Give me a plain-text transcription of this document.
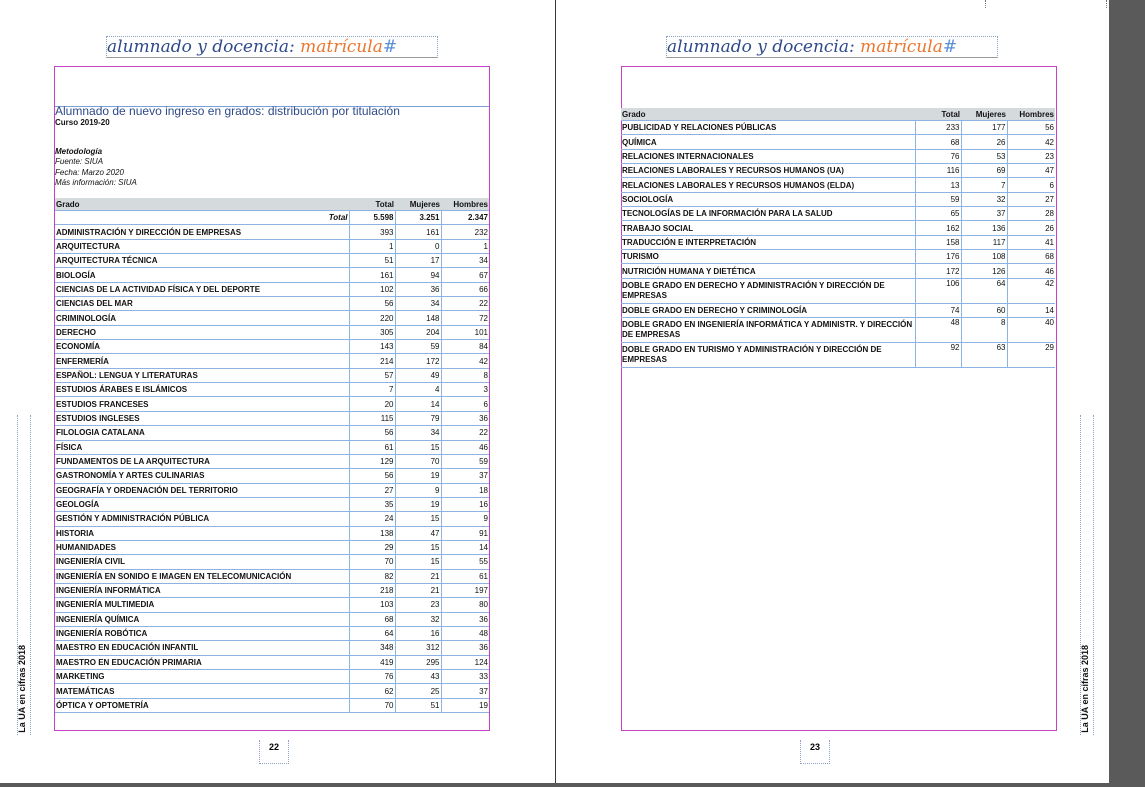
alumnado y docencia: matrícula#
Alumnado de nuevo ingreso en grados: distribución por titulación
Curso 2019-20
Metodología
Fuente: SIUA
Fecha: Marzo 2020
Más información: SIUA
Grado	Total	Mujeres	Hombres
Total	5.598	3.251	2.347
ADMINISTRACIÓN Y DIRECCIÓN DE EMPRESAS	393	161	232
ARQUITECTURA	1	0	1
ARQUITECTURA TÉCNICA	51	17	34
BIOLOGÍA	161	94	67
CIENCIAS DE LA ACTIVIDAD FÍSICA Y DEL DEPORTE	102	36	66
CIENCIAS DEL MAR	56	34	22
CRIMINOLOGÍA	220	148	72
DERECHO	305	204	101
ECONOMÍA	143	59	84
ENFERMERÍA	214	172	42
ESPAÑOL: LENGUA Y LITERATURAS	57	49	8
ESTUDIOS ÁRABES E ISLÁMICOS	7	4	3
ESTUDIOS FRANCESES	20	14	6
ESTUDIOS INGLESES	115	79	36
FILOLOGIA CATALANA	56	34	22
FÍSICA	61	15	46
FUNDAMENTOS DE LA ARQUITECTURA	129	70	59
GASTRONOMÍA Y ARTES CULINARIAS	56	19	37
GEOGRAFÍA Y ORDENACIÓN DEL TERRITORIO	27	9	18
GEOLOGÍA	35	19	16
GESTIÓN Y ADMINISTRACIÓN PÚBLICA	24	15	9
HISTORIA	138	47	91
HUMANIDADES	29	15	14
INGENIERÍA CIVIL	70	15	55
INGENIERÍA EN SONIDO E IMAGEN EN TELECOMUNICACIÓN	82	21	61
INGENIERÍA INFORMÁTICA	218	21	197
INGENIERÍA MULTIMEDIA	103	23	80
INGENIERÍA QUÍMICA	68	32	36
INGENIERÍA ROBÓTICA	64	16	48
MAESTRO EN EDUCACIÓN INFANTIL	348	312	36
MAESTRO EN EDUCACIÓN PRIMARIA	419	295	124
MARKETING	76	43	33
MATEMÁTICAS	62	25	37
ÓPTICA Y OPTOMETRÍA	70	51	19
La UA en cifras 2018
22
alumnado y docencia: matrícula#
Grado	Total	Mujeres	Hombres
PUBLICIDAD Y RELACIONES PÚBLICAS	233	177	56
QUÍMICA	68	26	42
RELACIONES INTERNACIONALES	76	53	23
RELACIONES LABORALES Y RECURSOS HUMANOS (UA)	116	69	47
RELACIONES LABORALES Y RECURSOS HUMANOS (ELDA)	13	7	6
SOCIOLOGÍA	59	32	27
TECNOLOGÍAS DE LA INFORMACIÓN PARA LA SALUD	65	37	28
TRABAJO SOCIAL	162	136	26
TRADUCCIÓN E INTERPRETACIÓN	158	117	41
TURISMO	176	108	68
NUTRICIÓN HUMANA Y DIETÉTICA	172	126	46
DOBLE GRADO EN DERECHO Y ADMINISTRACIÓN Y DIRECCIÓN DE EMPRESAS	106	64	42
DOBLE GRADO EN DERECHO Y CRIMINOLOGÍA	74	60	14
DOBLE GRADO EN INGENIERÍA INFORMÁTICA Y ADMINISTR. Y DIRECCIÓN DE EMPRESAS	48	8	40
DOBLE GRADO EN TURISMO Y ADMINISTRACIÓN Y DIRECCIÓN DE EMPRESAS	92	63	29
La UA en cifras 2018
23
